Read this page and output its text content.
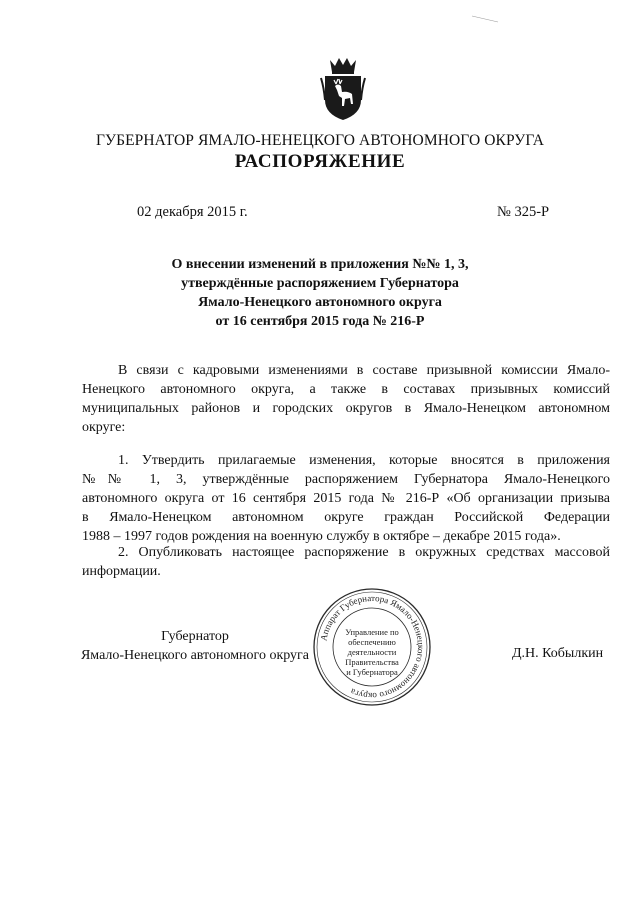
ГУБЕРНАТОР ЯМАЛО-НЕНЕЦКОГО АВТОНОМНОГО ОКРУГА
РАСПОРЯЖЕНИЕ
02 декабря 2015 г.	№ 325-Р
О внесении изменений в приложения №№ 1, 3,
утверждённые распоряжением Губернатора
Ямало-Ненецкого автономного округа
от 16 сентября 2015 года № 216-Р
В связи с кадровыми изменениями в составе призывной комиссии Ямало-
Ненецкого автономного округа, а также в составах призывных комиссий
муниципальных районов и городских округов в Ямало-Ненецком автономном
округе:
1. Утвердить прилагаемые изменения, которые вносятся в приложения
№№ 1, 3, утверждённые распоряжением Губернатора Ямало-Ненецкого
автономного округа от 16 сентября 2015 года № 216-Р «Об организации призыва
в Ямало-Ненецком автономном округе граждан Российской Федерации
1988 – 1997 годов рождения на военную службу в октябре – декабре 2015 года».
2. Опубликовать настоящее распоряжение в окружных средствах массовой
информации.
Губернатор
Ямало-Ненецкого автономного округа
Аппарат Губернатора Ямало-Ненецкого автономного округа
Управление по
обеспечению
деятельности
Правительства
и Губернатора
Д.Н. Кобылкин
